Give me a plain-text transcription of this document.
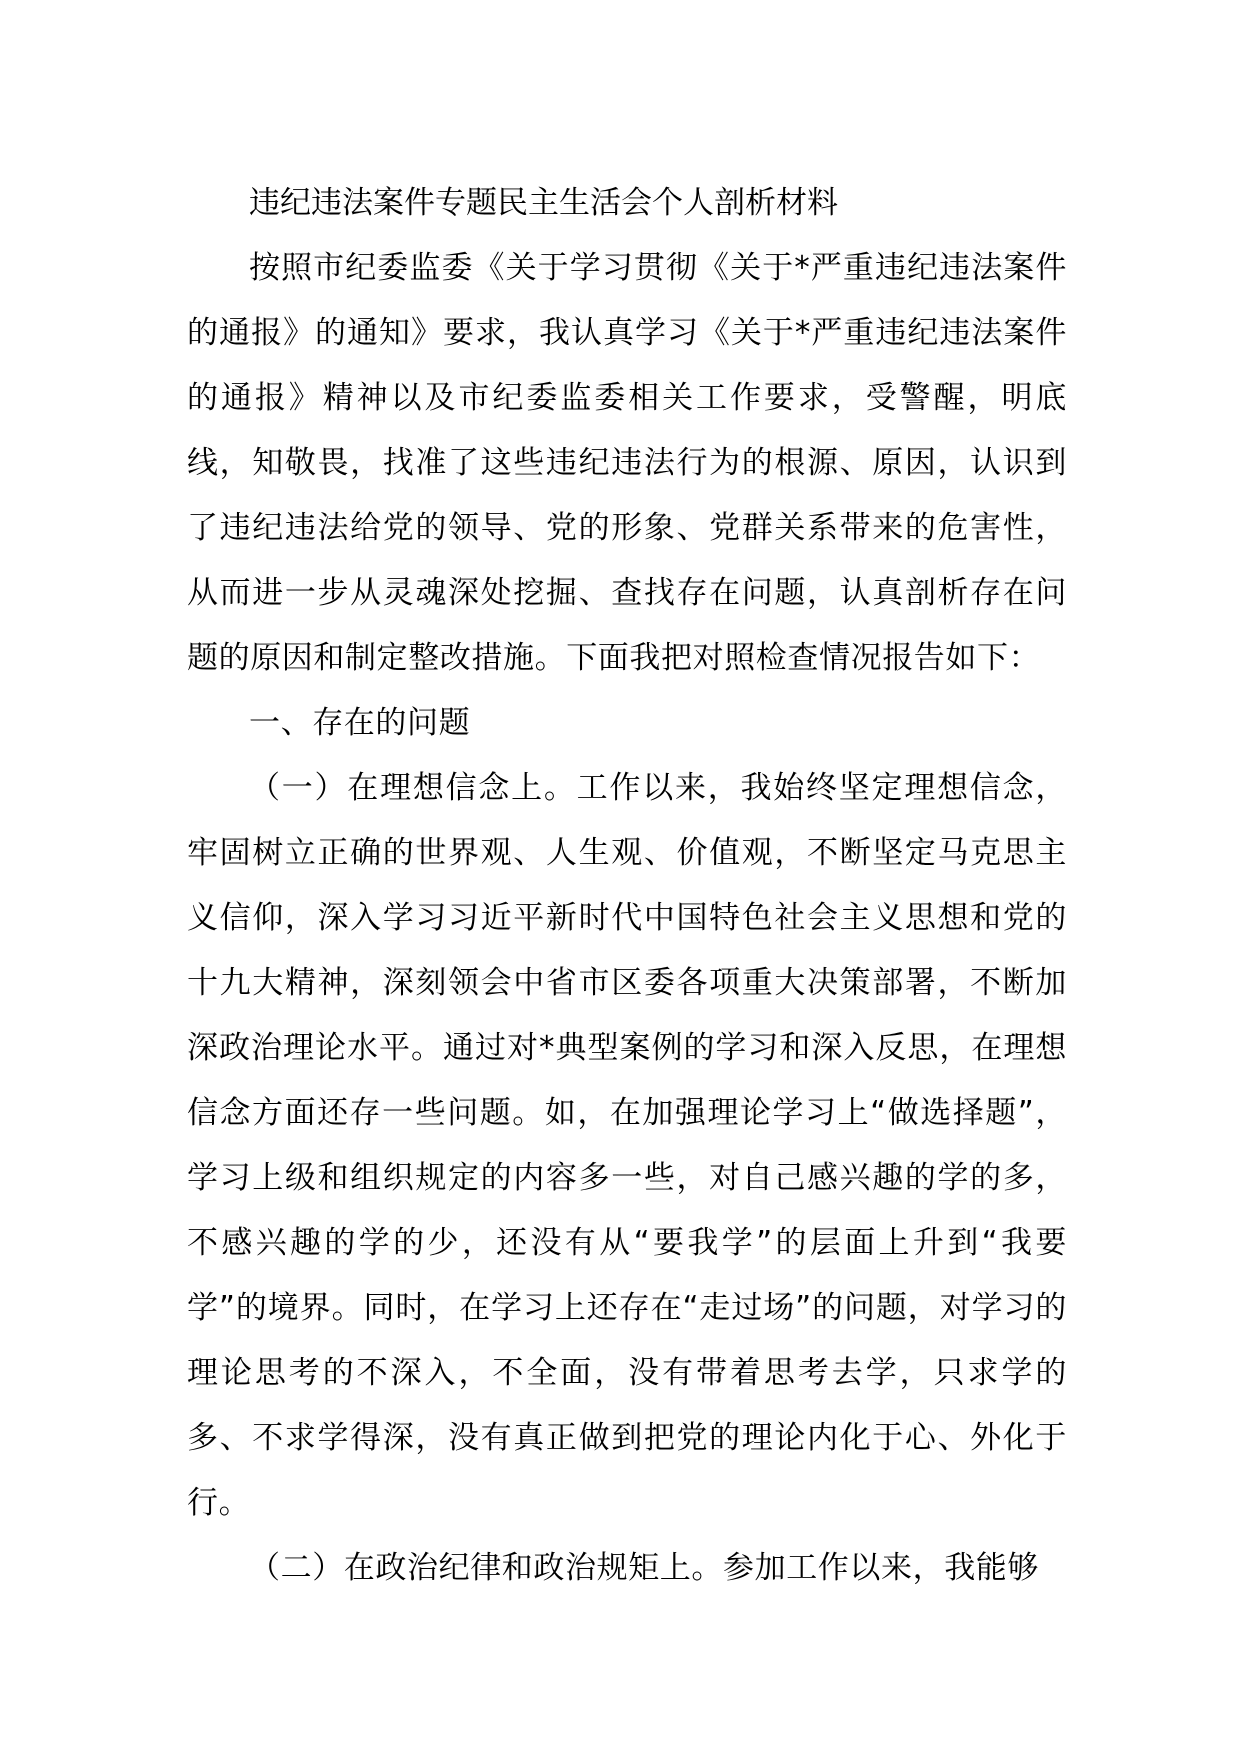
违纪违法案件专题民主生活会个人剖析材料

按照市纪委监委《关于学习贯彻《关于*严重违纪违法案件的通报》的通知》要求，我认真学习《关于*严重违纪违法案件的通报》精神以及市纪委监委相关工作要求，受警醒，明底线，知敬畏，找准了这些违纪违法行为的根源、原因，认识到了违纪违法给党的领导、党的形象、党群关系带来的危害性，从而进一步从灵魂深处挖掘、查找存在问题，认真剖析存在问题的原因和制定整改措施。下面我把对照检查情况报告如下：

一、存在的问题

（一）在理想信念上。工作以来，我始终坚定理想信念，牢固树立正确的世界观、人生观、价值观，不断坚定马克思主义信仰，深入学习习近平新时代中国特色社会主义思想和党的十九大精神，深刻领会中省市区委各项重大决策部署，不断加深政治理论水平。通过对*典型案例的学习和深入反思，在理想信念方面还存一些问题。如，在加强理论学习上“做选择题”，学习上级和组织规定的内容多一些，对自己感兴趣的学的多，不感兴趣的学的少，还没有从“要我学”的层面上升到“我要学”的境界。同时，在学习上还存在“走过场”的问题，对学习的理论思考的不深入，不全面，没有带着思考去学，只求学的多、不求学得深，没有真正做到把党的理论内化于心、外化于行。

（二）在政治纪律和政治规矩上。参加工作以来，我能够
